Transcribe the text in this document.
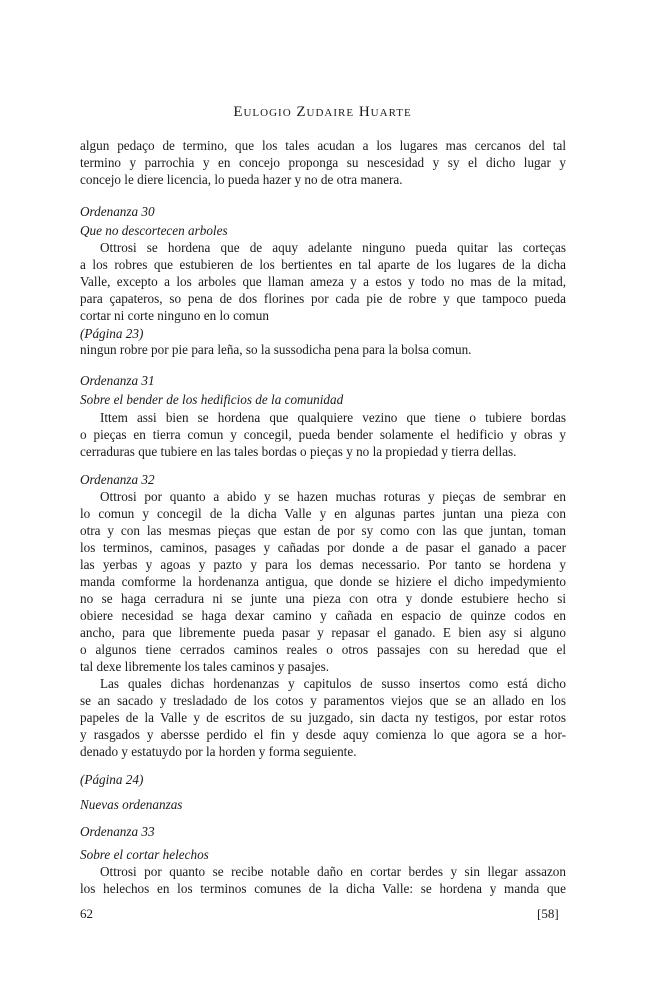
Eulogio Zudaire Huarte
algun pedaço de termino, que los tales acudan a los lugares mas cercanos del tal
termino y parrochia y en concejo proponga su nescesidad y sy el dicho lugar y
concejo le diere licencia, lo pueda hazer y no de otra manera.
Ordenanza 30
Que no descortecen arboles
Ottrosi se hordena que de aquy adelante ninguno pueda quitar las corteças
a los robres que estubieren de los bertientes en tal aparte de los lugares de la dicha
Valle, excepto a los arboles que llaman ameza y a estos y todo no mas de la mitad,
para çapateros, so pena de dos florines por cada pie de robre y que tampoco pueda
cortar ni corte ninguno en lo comun
(Página 23)
ningun robre por pie para leña, so la sussodicha pena para la bolsa comun.
Ordenanza 31
Sobre el bender de los hedificios de la comunidad
Ittem assi bien se hordena que qualquiere vezino que tiene o tubiere bordas
o pieças en tierra comun y concegil, pueda bender solamente el hedificio y obras y
cerraduras que tubiere en las tales bordas o pieças y no la propiedad y tierra dellas.
Ordenanza 32
Ottrosi por quanto a abido y se hazen muchas roturas y pieças de sembrar en
lo comun y concegil de la dicha Valle y en algunas partes juntan una pieza con
otra y con las mesmas pieças que estan de por sy como con las que juntan, toman
los terminos, caminos, pasages y cañadas por donde a de pasar el ganado a pacer
las yerbas y agoas y pazto y para los demas necessario. Por tanto se hordena y
manda comforme la hordenanza antigua, que donde se hiziere el dicho impedymiento
no se haga cerradura ni se junte una pieza con otra y donde estubiere hecho si
obiere necesidad se haga dexar camino y cañada en espacio de quinze codos en
ancho, para que libremente pueda pasar y repasar el ganado. E bien asy si alguno
o algunos tiene cerrados caminos reales o otros passajes con su heredad que el
tal dexe libremente los tales caminos y pasajes.
Las quales dichas hordenanzas y capitulos de susso insertos como está dicho
se an sacado y tresladado de los cotos y paramentos viejos que se an allado en los
papeles de la Valle y de escritos de su juzgado, sin dacta ny testigos, por estar rotos
y rasgados y abersse perdido el fin y desde aquy comienza lo que agora se a hor-
denado y estatuydo por la horden y forma seguiente.
(Página 24)
Nuevas ordenanzas
Ordenanza 33
Sobre el cortar helechos
Ottrosi por quanto se recibe notable daño en cortar berdes y sin llegar assazon
los helechos en los terminos comunes de la dicha Valle: se hordena y manda que
62	[58]
